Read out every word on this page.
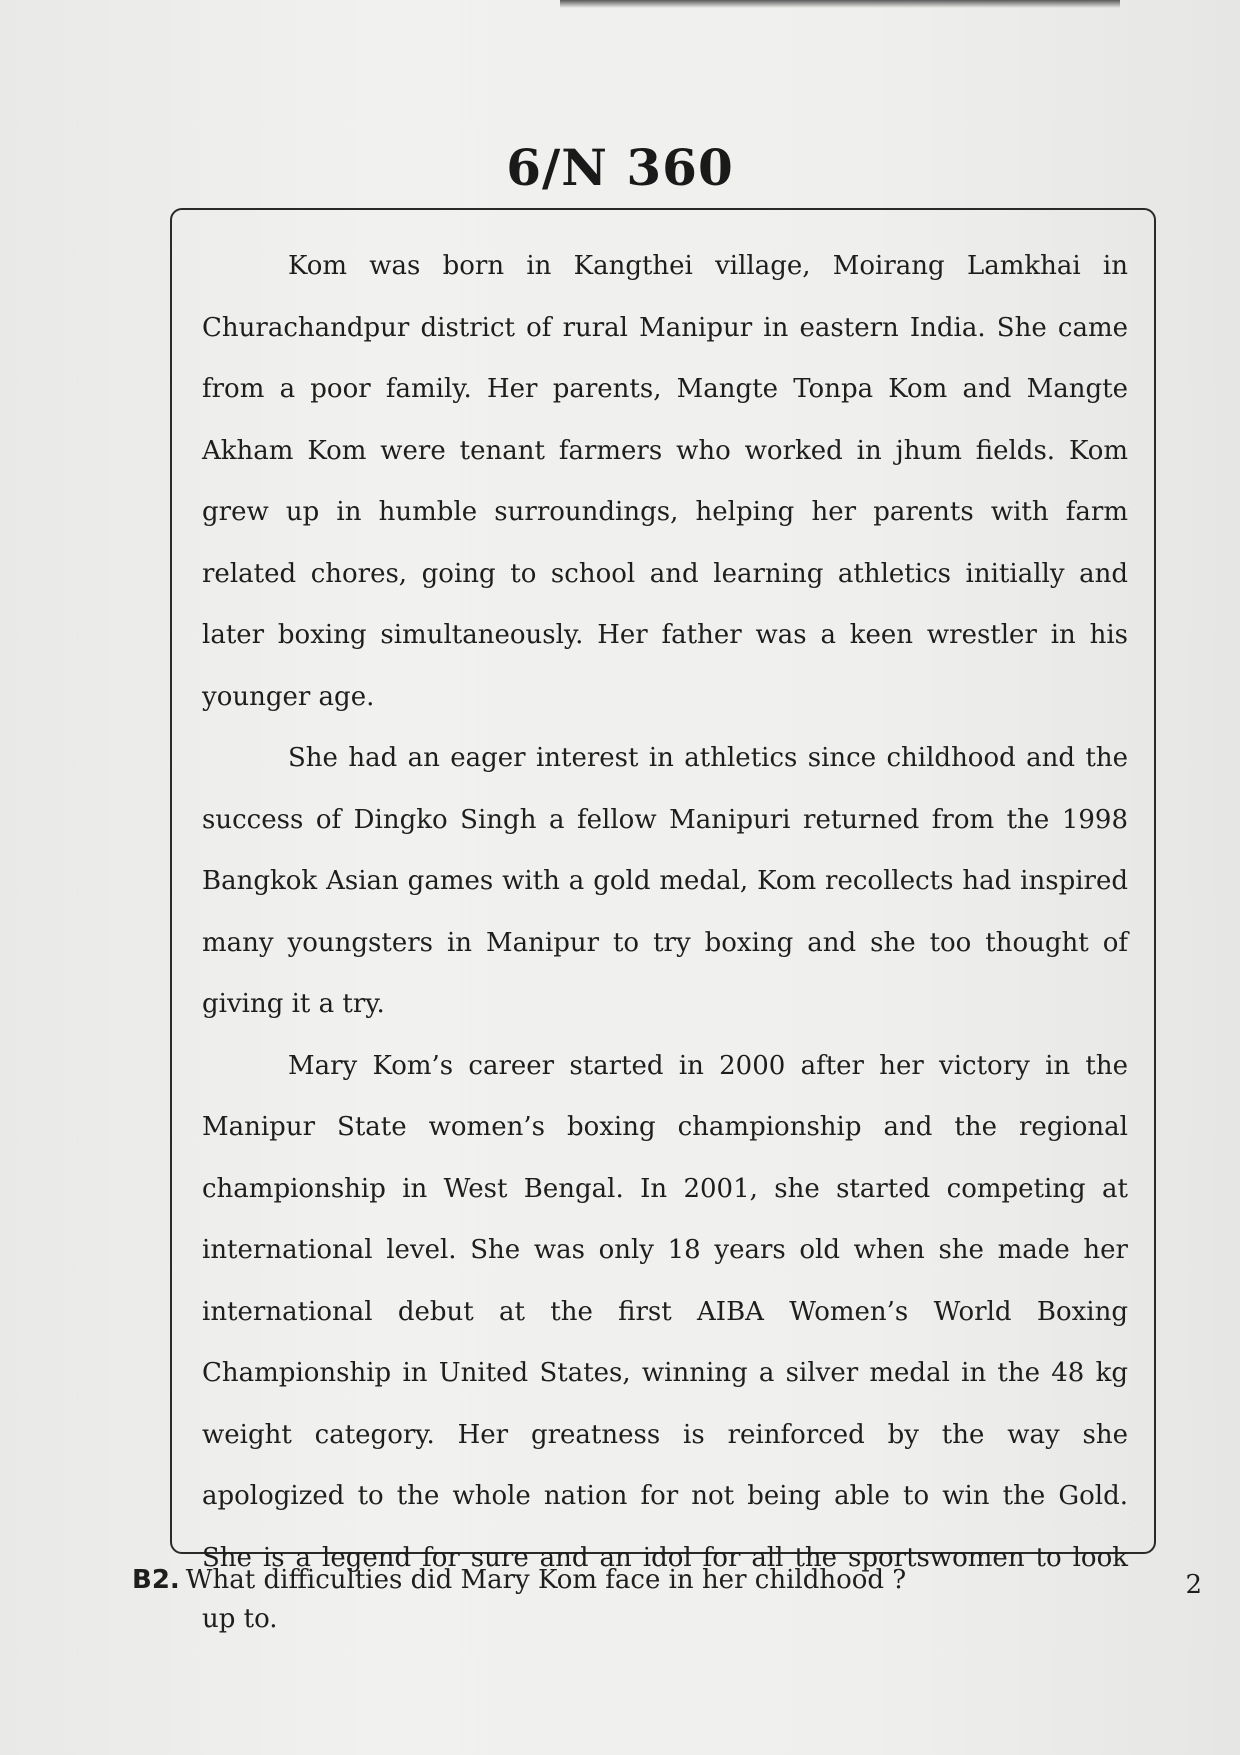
6/N 360

Kom was born in Kangthei village, Moirang Lamkhai in Churachandpur district of rural Manipur in eastern India. She came from a poor family. Her parents, Mangte Tonpa Kom and Mangte Akham Kom were tenant farmers who worked in jhum fields. Kom grew up in humble surroundings, helping her parents with farm related chores, going to school and learning athletics initially and later boxing simultaneously. Her father was a keen wrestler in his younger age.

She had an eager interest in athletics since childhood and the success of Dingko Singh a fellow Manipuri returned from the 1998 Bangkok Asian games with a gold medal, Kom recollects had inspired many youngsters in Manipur to try boxing and she too thought of giving it a try.

Mary Kom’s career started in 2000 after her victory in the Manipur State women’s boxing championship and the regional championship in West Bengal. In 2001, she started competing at international level. She was only 18 years old when she made her international debut at the first AIBA Women’s World Boxing Championship in United States, winning a silver medal in the 48 kg weight category. Her greatness is reinforced by the way she apologized to the whole nation for not being able to win the Gold. She is a legend for sure and an idol for all the sportswomen to look up to.

B2. What difficulties did Mary Kom face in her childhood ?	2
